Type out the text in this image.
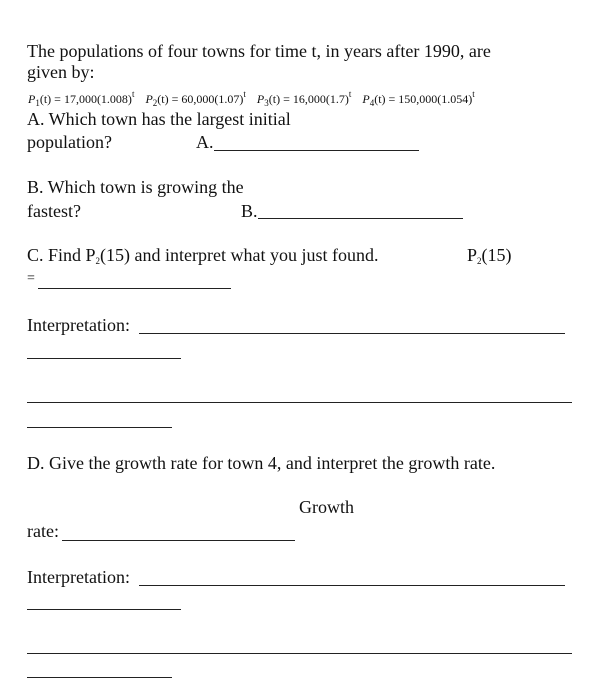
The populations of four towns for time t, in years after 1990, are
given by:
$P_1(t) = 17,000(1.008)^t$ $P_2(t) = 60,000(1.07)^t$ $P_3(t) = 16,000(1.7)^t$ $P_4(t) = 150,000(1.054)^t$
A. Which town has the largest initial
population?	A.
B. Which town is growing the
fastest?	B.
C. Find $P_2(15)$ and interpret what you just found.	$P_2(15)$
=
Interpretation:
D. Give the growth rate for town 4, and interpret the growth rate.
Growth
rate:
Interpretation:
